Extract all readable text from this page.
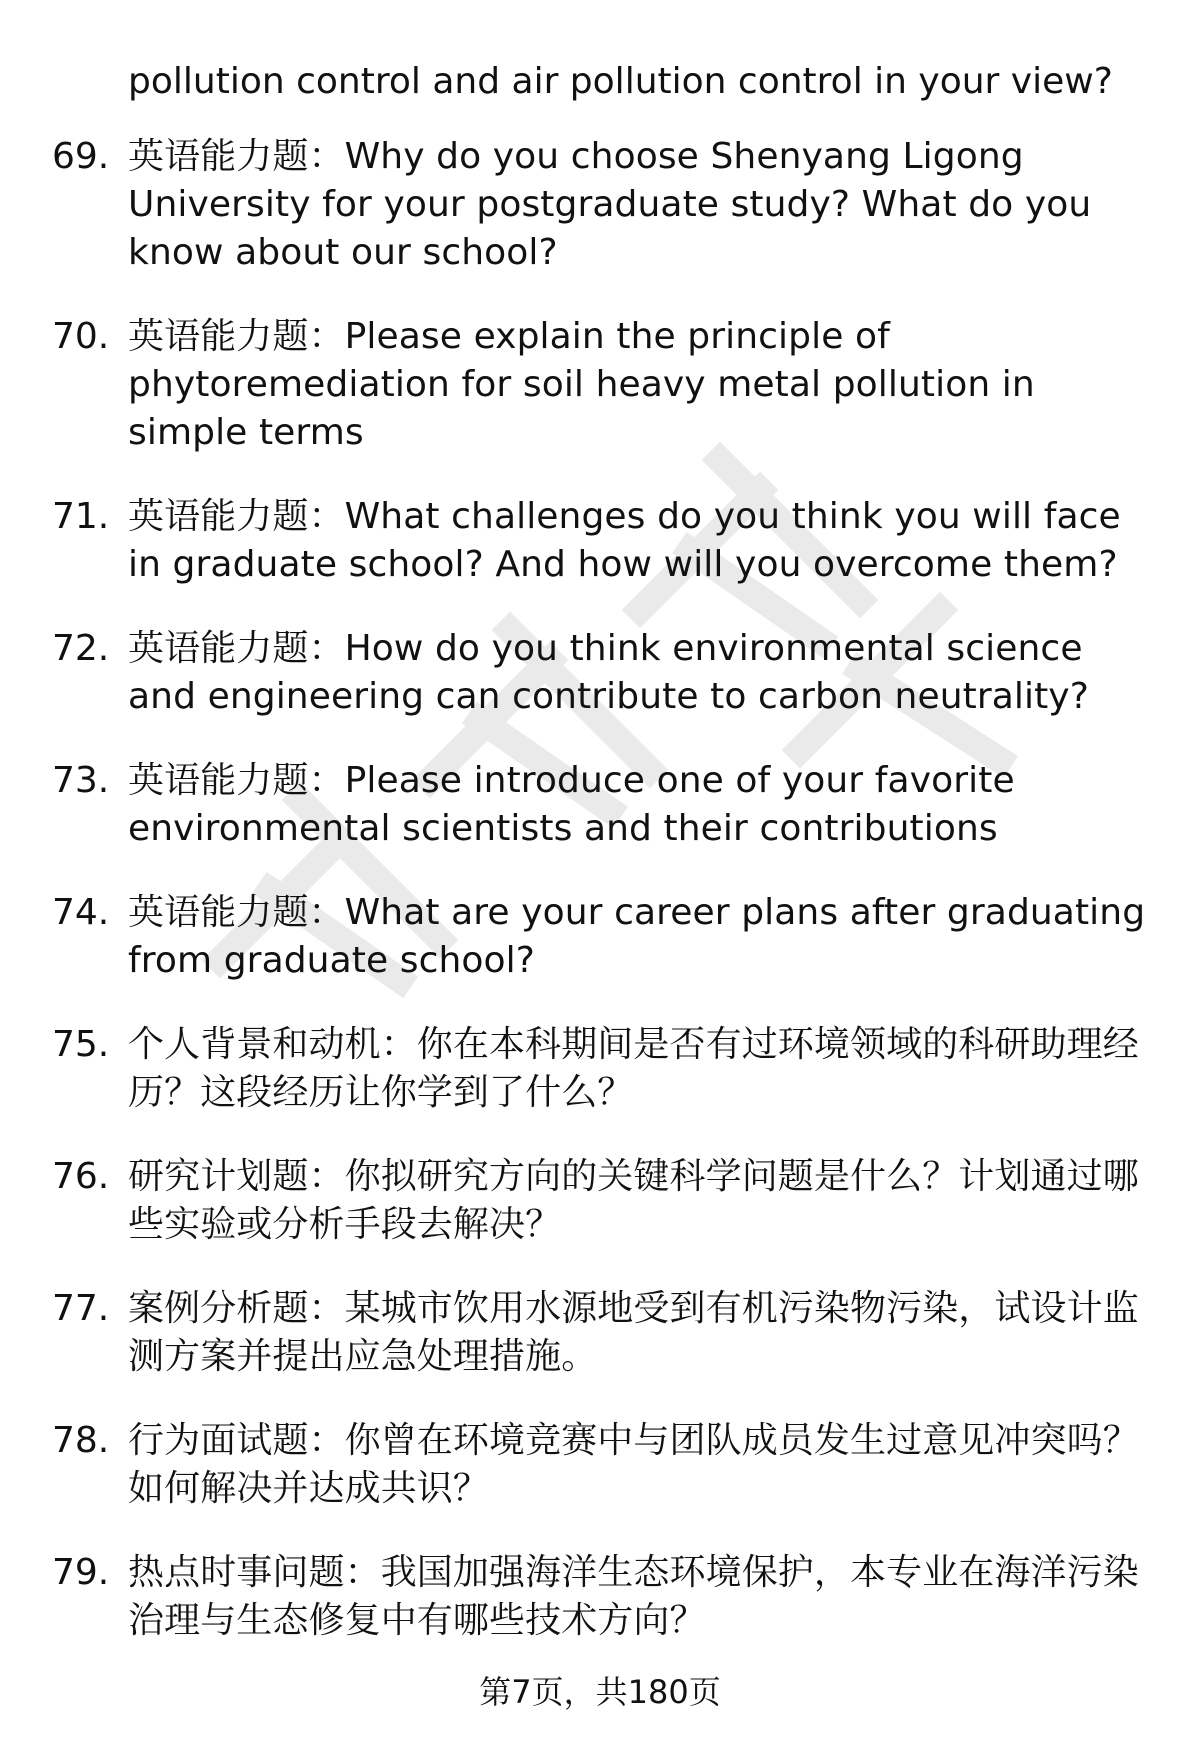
pollution control and air pollution control in your view?
69. 英语能力题：Why do you choose Shenyang Ligong University for your postgraduate study? What do you know about our school?
70. 英语能力题：Please explain the principle of phytoremediation for soil heavy metal pollution in simple terms
71. 英语能力题：What challenges do you think you will face in graduate school? And how will you overcome them?
72. 英语能力题：How do you think environmental science and engineering can contribute to carbon neutrality?
73. 英语能力题：Please introduce one of your favorite environmental scientists and their contributions
74. 英语能力题：What are your career plans after graduating from graduate school?
75. 个人背景和动机：你在本科期间是否有过环境领域的科研助理经历？这段经历让你学到了什么？
76. 研究计划题：你拟研究方向的关键科学问题是什么？计划通过哪些实验或分析手段去解决？
77. 案例分析题：某城市饮用水源地受到有机污染物污染，试设计监测方案并提出应急处理措施。
78. 行为面试题：你曾在环境竞赛中与团队成员发生过意见冲突吗？如何解决并达成共识？
79. 热点时事问题：我国加强海洋生态环境保护，本专业在海洋污染治理与生态修复中有哪些技术方向？
第7页，共180页
